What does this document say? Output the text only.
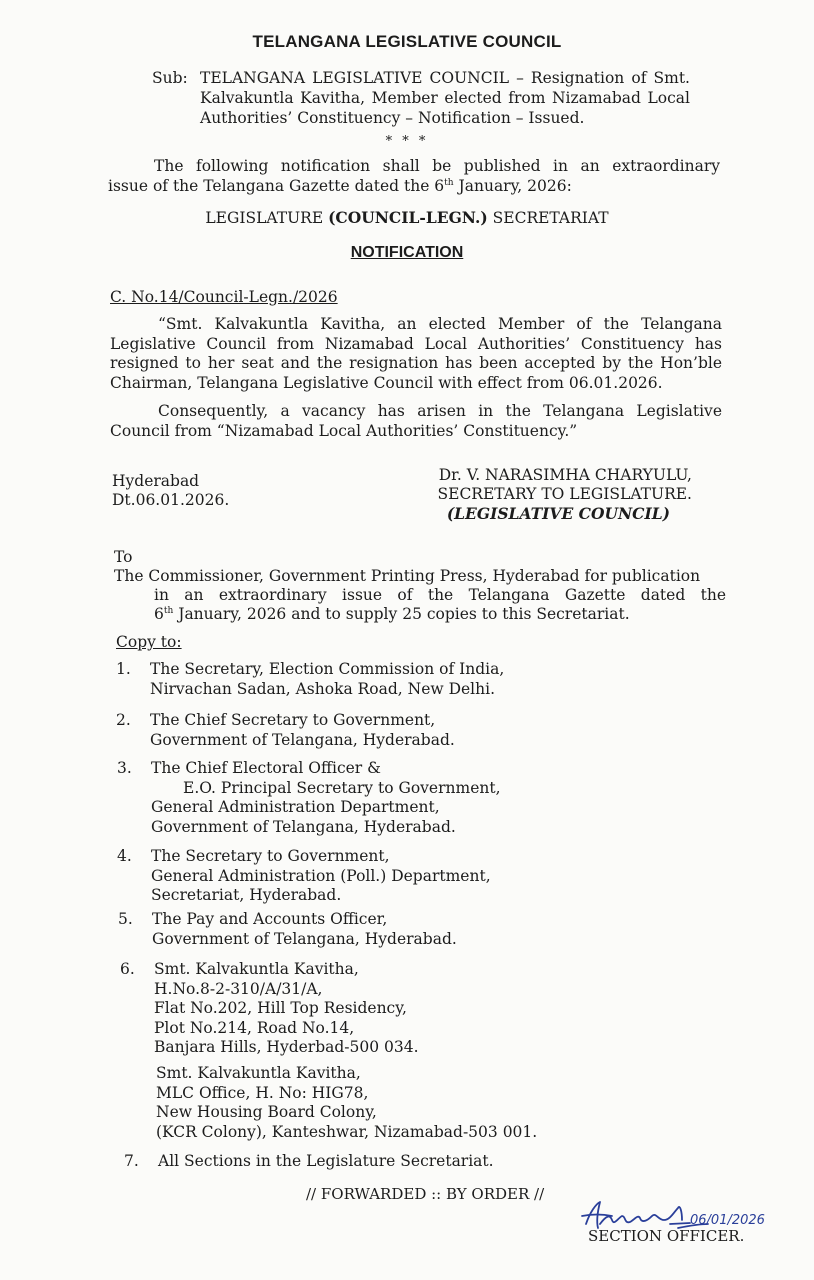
TELANGANA LEGISLATIVE COUNCIL
Sub: TELANGANA LEGISLATIVE COUNCIL – Resignation of Smt. Kalvakuntla Kavitha, Member elected from Nizamabad Local Authorities’ Constituency – Notification – Issued.
* * *
The following notification shall be published in an extraordinary
issue of the Telangana Gazette dated the 6th January, 2026:
LEGISLATURE (COUNCIL-LEGN.) SECRETARIAT
NOTIFICATION
C. No.14/Council-Legn./2026
“Smt. Kalvakuntla Kavitha, an elected Member of the Telangana Legislative Council from Nizamabad Local Authorities’ Constituency has resigned to her seat and the resignation has been accepted by the Hon’ble Chairman, Telangana Legislative Council with effect from 06.01.2026.
Consequently, a vacancy has arisen in the Telangana Legislative Council from “Nizamabad Local Authorities’ Constituency.”
Hyderabad
Dt.06.01.2026.
Dr. V. NARASIMHA CHARYULU,
SECRETARY TO LEGISLATURE.
(LEGISLATIVE COUNCIL)
To
The Commissioner, Government Printing Press, Hyderabad for publication
in an extraordinary issue of the Telangana Gazette dated the
6th January, 2026 and to supply 25 copies to this Secretariat.
Copy to:
1. The Secretary, Election Commission of India,
Nirvachan Sadan, Ashoka Road, New Delhi.
2. The Chief Secretary to Government,
Government of Telangana, Hyderabad.
3. The Chief Electoral Officer &
E.O. Principal Secretary to Government,
General Administration Department,
Government of Telangana, Hyderabad.
4. The Secretary to Government,
General Administration (Poll.) Department,
Secretariat, Hyderabad.
5. The Pay and Accounts Officer,
Government of Telangana, Hyderabad.
6. Smt. Kalvakuntla Kavitha,
H.No.8-2-310/A/31/A,
Flat No.202, Hill Top Residency,
Plot No.214, Road No.14,
Banjara Hills, Hyderbad-500 034.
Smt. Kalvakuntla Kavitha,
MLC Office, H. No: HIG78,
New Housing Board Colony,
(KCR Colony), Kanteshwar, Nizamabad-503 001.
7. All Sections in the Legislature Secretariat.
// FORWARDED :: BY ORDER //
06/01/2026
SECTION OFFICER.
